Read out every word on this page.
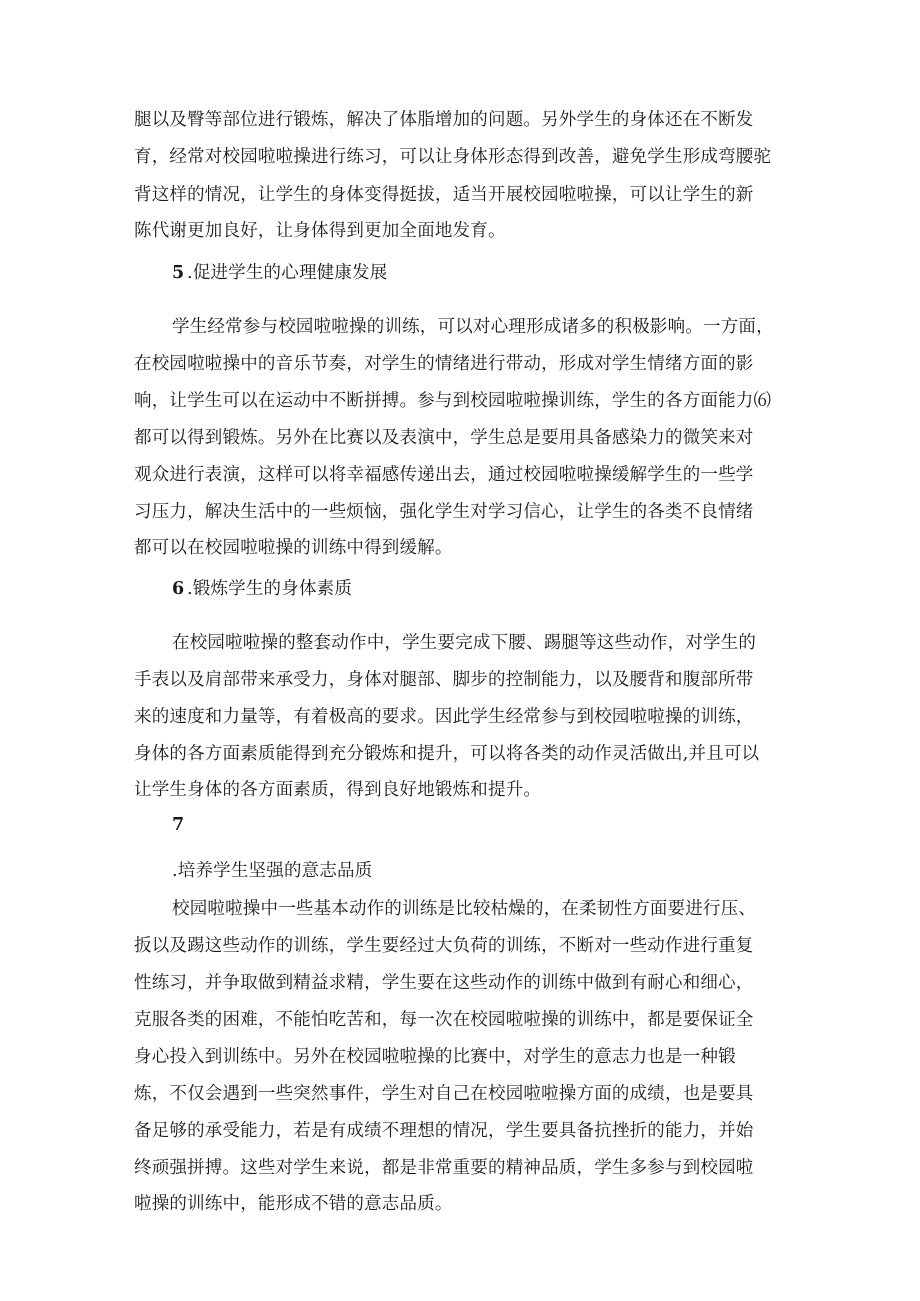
腿以及臀等部位进行锻炼，解决了体脂增加的问题。另外学生的身体还在不断发
育，经常对校园啦啦操进行练习，可以让身体形态得到改善，避免学生形成弯腰驼
背这样的情况，让学生的身体变得挺拔，适当开展校园啦啦操，可以让学生的新
陈代谢更加良好，让身体得到更加全面地发育。
5 .促进学生的心理健康发展
学生经常参与校园啦啦操的训练，可以对心理形成诸多的积极影响。一方面，
在校园啦啦操中的音乐节奏，对学生的情绪进行带动，形成对学生情绪方面的影
响，让学生可以在运动中不断拼搏。参与到校园啦啦操训练，学生的各方面能力⑹
都可以得到锻炼。另外在比赛以及表演中，学生总是要用具备感染力的微笑来对
观众进行表演，这样可以将幸福感传递出去，通过校园啦啦操缓解学生的一些学
习压力，解决生活中的一些烦恼，强化学生对学习信心，让学生的各类不良情绪
都可以在校园啦啦操的训练中得到缓解。
6 .锻炼学生的身体素质
在校园啦啦操的整套动作中，学生要完成下腰、踢腿等这些动作，对学生的
手表以及肩部带来承受力，身体对腿部、脚步的控制能力，以及腰背和腹部所带
来的速度和力量等，有着极高的要求。因此学生经常参与到校园啦啦操的训练，
身体的各方面素质能得到充分锻炼和提升，可以将各类的动作灵活做出,并且可以
让学生身体的各方面素质，得到良好地锻炼和提升。
7
.培养学生坚强的意志品质
校园啦啦操中一些基本动作的训练是比较枯燥的，在柔韧性方面要进行压、
扳以及踢这些动作的训练，学生要经过大负荷的训练，不断对一些动作进行重复
性练习，并争取做到精益求精，学生要在这些动作的训练中做到有耐心和细心，
克服各类的困难，不能怕吃苦和，每一次在校园啦啦操的训练中，都是要保证全
身心投入到训练中。另外在校园啦啦操的比赛中，对学生的意志力也是一种锻
炼，不仅会遇到一些突然事件，学生对自己在校园啦啦操方面的成绩，也是要具
备足够的承受能力，若是有成绩不理想的情况，学生要具备抗挫折的能力，并始
终顽强拼搏。这些对学生来说，都是非常重要的精神品质，学生多参与到校园啦
啦操的训练中，能形成不错的意志品质。
